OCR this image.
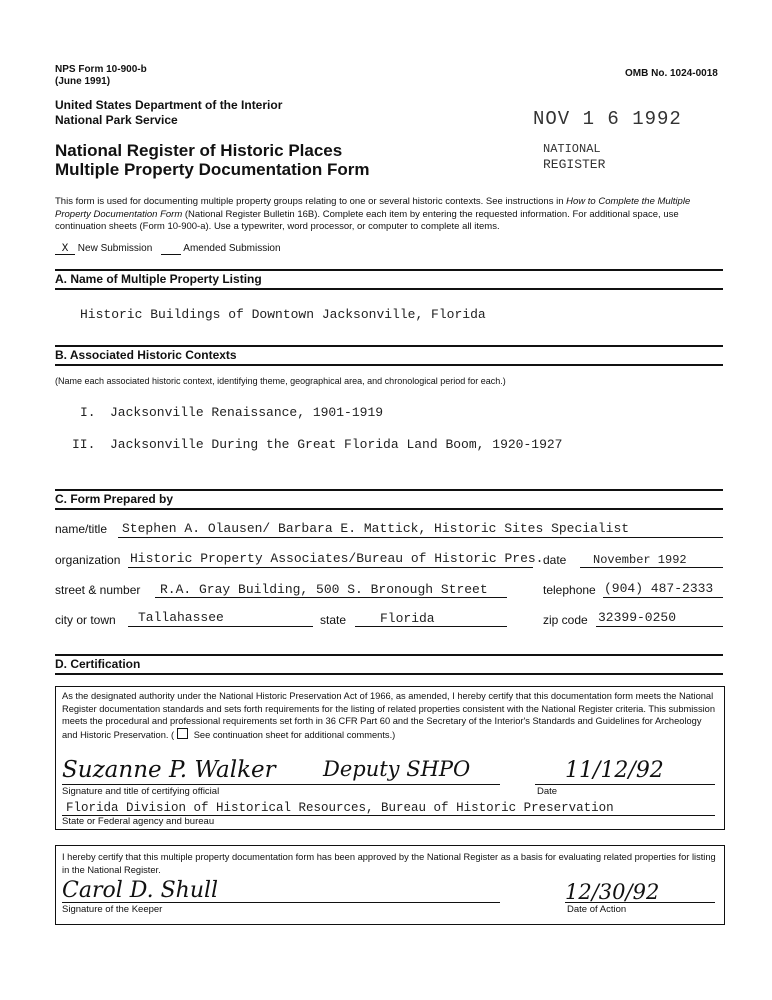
NPS Form 10-900-b
(June 1991)
OMB No. 1024-0018
United States Department of the Interior
National Park Service	NOV 1 6 1992
National Register of Historic Places
Multiple Property Documentation Form
NATIONAL
REGISTER
This form is used for documenting multiple property groups relating to one or several historic contexts. See instructions in How to Complete the Multiple Property Documentation Form (National Register Bulletin 16B). Complete each item by entering the requested information. For additional space, use continuation sheets (Form 10-900-a). Use a typewriter, word processor, or computer to complete all items.
X New Submission	Amended Submission
A. Name of Multiple Property Listing
Historic Buildings of Downtown Jacksonville, Florida
B. Associated Historic Contexts
(Name each associated historic context, identifying theme, geographical area, and chronological period for each.)
I. Jacksonville Renaissance, 1901-1919
II. Jacksonville During the Great Florida Land Boom, 1920-1927
C. Form Prepared by
name/title Stephen A. Olausen/ Barbara E. Mattick, Historic Sites Specialist
organization Historic Property Associates/Bureau of Historic Pres. date November 1992
street & number R.A. Gray Building, 500 S. Bronough Street	telephone (904) 487-2333
city or town Tallahassee	state	Florida	zip code 32399-0250
D. Certification
As the designated authority under the National Historic Preservation Act of 1966, as amended, I hereby certify that this documentation form meets the National Register documentation standards and sets forth requirements for the listing of related properties consistent with the National Register criteria. This submission meets the procedural and professional requirements set forth in 36 CFR Part 60 and the Secretary of the Interior's Standards and Guidelines for Archeology and Historic Preservation. ( See continuation sheet for additional comments.)
Suzanne P. Walker Deputy SHPO	11/12/92
Signature and title of certifying official	Date
Florida Division of Historical Resources, Bureau of Historic Preservation
State or Federal agency and bureau
I hereby certify that this multiple property documentation form has been approved by the National Register as a basis for evaluating related properties for listing in the National Register.
Carol D. Shull	12/30/92
Signature of the Keeper	Date of Action
